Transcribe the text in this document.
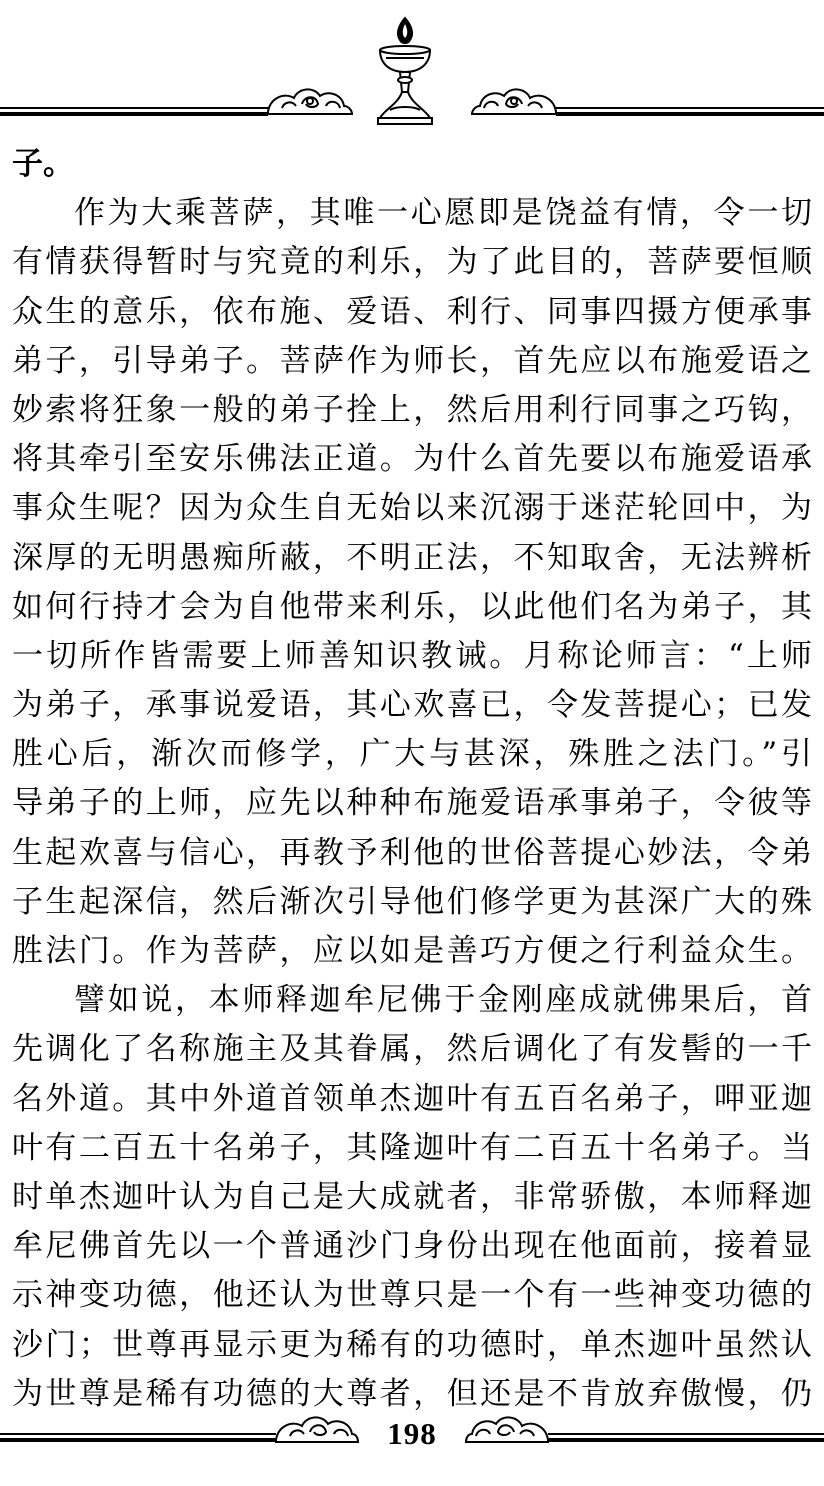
子。
作为大乘菩萨，其唯一心愿即是饶益有情，令一切
有情获得暂时与究竟的利乐，为了此目的，菩萨要恒顺
众生的意乐，依布施、爱语、利行、同事四摄方便承事
弟子，引导弟子。菩萨作为师长，首先应以布施爱语之
妙索将狂象一般的弟子拴上，然后用利行同事之巧钩，
将其牵引至安乐佛法正道。为什么首先要以布施爱语承
事众生呢？因为众生自无始以来沉溺于迷茫轮回中，为
深厚的无明愚痴所蔽，不明正法，不知取舍，无法辨析
如何行持才会为自他带来利乐，以此他们名为弟子，其
一切所作皆需要上师善知识教诫。月称论师言：“上师
为弟子，承事说爱语，其心欢喜已，令发菩提心；已发
胜心后，渐次而修学，广大与甚深，殊胜之法门。”引
导弟子的上师，应先以种种布施爱语承事弟子，令彼等
生起欢喜与信心，再教予利他的世俗菩提心妙法，令弟
子生起深信，然后渐次引导他们修学更为甚深广大的殊
胜法门。作为菩萨，应以如是善巧方便之行利益众生。
譬如说，本师释迦牟尼佛于金刚座成就佛果后，首
先调化了名称施主及其眷属，然后调化了有发髻的一千
名外道。其中外道首领单杰迦叶有五百名弟子，呷亚迦
叶有二百五十名弟子，其隆迦叶有二百五十名弟子。当
时单杰迦叶认为自己是大成就者，非常骄傲，本师释迦
牟尼佛首先以一个普通沙门身份出现在他面前，接着显
示神变功德，他还认为世尊只是一个有一些神变功德的
沙门；世尊再显示更为稀有的功德时，单杰迦叶虽然认
为世尊是稀有功德的大尊者，但还是不肯放弃傲慢，仍
198
